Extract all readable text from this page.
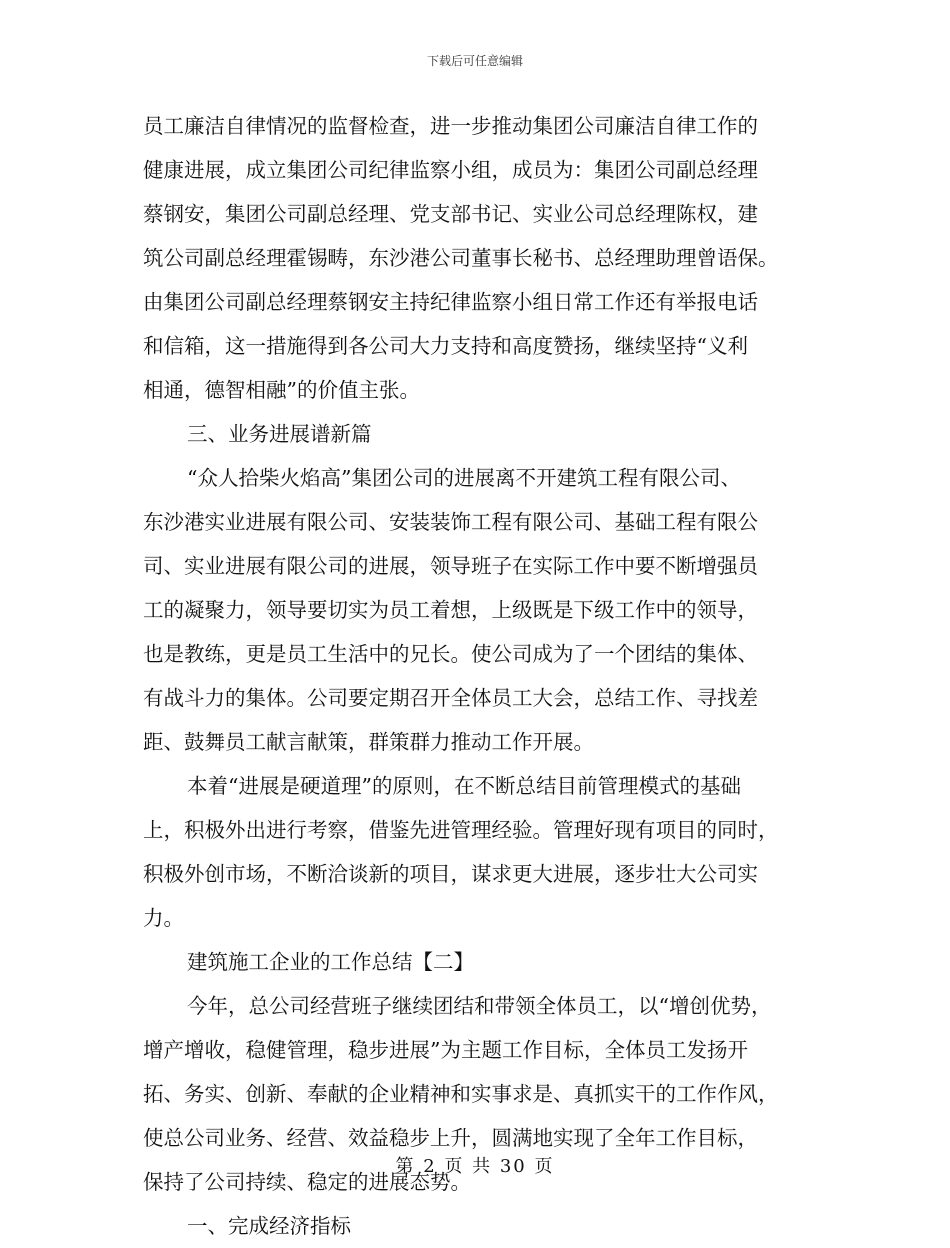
下载后可任意编辑
员工廉洁自律情况的监督检查，进一步推动集团公司廉洁自律工作的
健康进展，成立集团公司纪律监察小组，成员为：集团公司副总经理
蔡钢安，集团公司副总经理、党支部书记、实业公司总经理陈权，建
筑公司副总经理霍锡畴，东沙港公司董事长秘书、总经理助理曾语保。
由集团公司副总经理蔡钢安主持纪律监察小组日常工作还有举报电话
和信箱，这一措施得到各公司大力支持和高度赞扬，继续坚持“义利
相通，德智相融”的价值主张。
三、业务进展谱新篇
“众人拾柴火焰高”集团公司的进展离不开建筑工程有限公司、
东沙港实业进展有限公司、安装装饰工程有限公司、基础工程有限公
司、实业进展有限公司的进展，领导班子在实际工作中要不断增强员
工的凝聚力，领导要切实为员工着想，上级既是下级工作中的领导，
也是教练，更是员工生活中的兄长。使公司成为了一个团结的集体、
有战斗力的集体。公司要定期召开全体员工大会，总结工作、寻找差
距、鼓舞员工献言献策，群策群力推动工作开展。
本着“进展是硬道理”的原则，在不断总结目前管理模式的基础
上，积极外出进行考察，借鉴先进管理经验。管理好现有项目的同时，
积极外创市场，不断洽谈新的项目，谋求更大进展，逐步壮大公司实
力。
建筑施工企业的工作总结【二】
今年，总公司经营班子继续团结和带领全体员工，以“增创优势，
增产增收，稳健管理，稳步进展”为主题工作目标，全体员工发扬开
拓、务实、创新、奉献的企业精神和实事求是、真抓实干的工作作风，
使总公司业务、经营、效益稳步上升，圆满地实现了全年工作目标，
保持了公司持续、稳定的进展态势。
一、完成经济指标
第 2 页 共 30 页
